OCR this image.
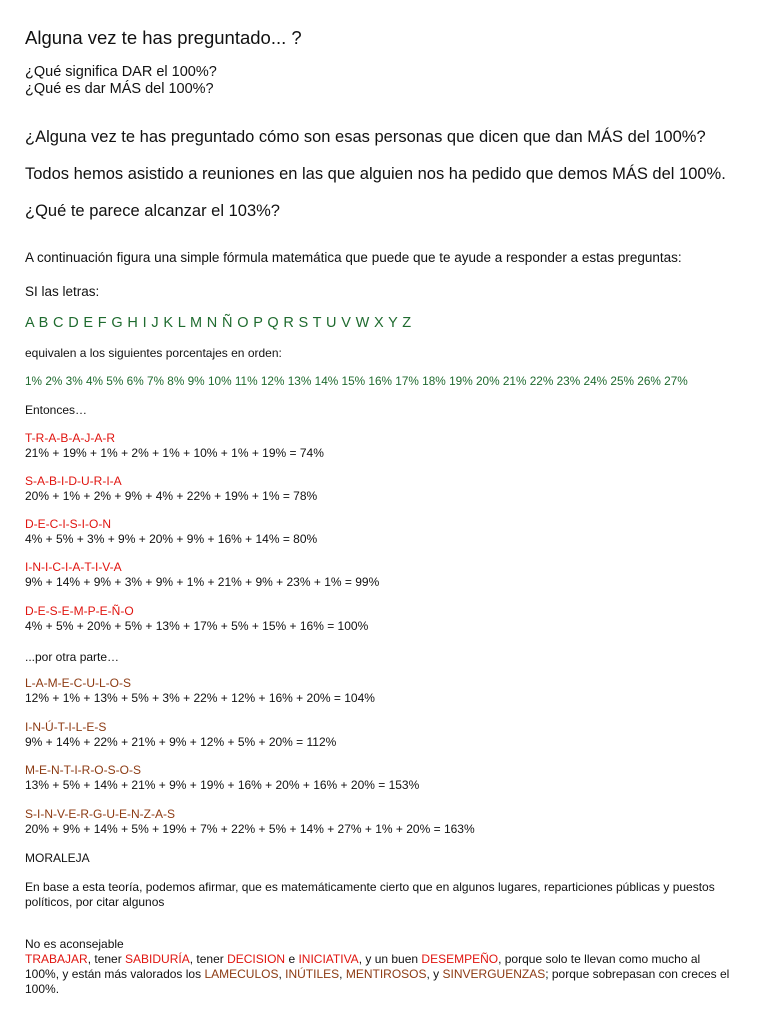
Alguna vez te has preguntado... ?
¿Qué significa DAR el 100%?
¿Qué es dar MÁS del 100%?
¿Alguna vez te has preguntado cómo son esas personas que dicen que dan MÁS del 100%?
Todos hemos asistido a reuniones en las que alguien nos ha pedido que demos MÁS del 100%.
¿Qué te parece alcanzar el 103%?
A continuación figura una simple fórmula matemática que puede que te ayude a responder a estas preguntas:
SI las letras:
A B C D E F G H I J K L M N Ñ O P Q R S T U V W X Y Z
equivalen a los siguientes porcentajes en orden:
1% 2% 3% 4% 5% 6% 7% 8% 9% 10% 11% 12% 13% 14% 15% 16% 17% 18% 19% 20% 21% 22% 23% 24% 25% 26% 27%
Entonces…
T-R-A-B-A-J-A-R
21% + 19% + 1% + 2% + 1% + 10% + 1% + 19% = 74%
S-A-B-I-D-U-R-I-A
20% + 1% + 2% + 9% + 4% + 22% + 19% + 1% = 78%
D-E-C-I-S-I-O-N
4% + 5% + 3% + 9% + 20% + 9% + 16% + 14% = 80%
I-N-I-C-I-A-T-I-V-A
9% + 14% + 9% + 3% + 9% + 1% + 21% + 9% + 23% + 1% = 99%
D-E-S-E-M-P-E-Ñ-O
4% + 5% + 20% + 5% + 13% + 17% + 5% + 15% + 16% = 100%
...por otra parte…
L-A-M-E-C-U-L-O-S
12% + 1% + 13% + 5% + 3% + 22% + 12% + 16% + 20% = 104%
I-N-Ú-T-I-L-E-S
9% + 14% + 22% + 21% + 9% + 12% + 5% + 20% = 112%
M-E-N-T-I-R-O-S-O-S
13% + 5% + 14% + 21% + 9% + 19% + 16% + 20% + 16% + 20% = 153%
S-I-N-V-E-R-G-U-E-N-Z-A-S
20% + 9% + 14% + 5% + 19% + 7% + 22% + 5% + 14% + 27% + 1% + 20% = 163%
MORALEJA
En base a esta teoría, podemos afirmar, que es matemáticamente cierto que en algunos lugares, reparticiones públicas y puestos políticos, por citar algunos
No es aconsejable
TRABAJAR, tener SABIDURÍA, tener DECISION e INICIATIVA, y un buen DESEMPEÑO, porque solo te llevan como mucho al 100%, y están más valorados los LAMECULOS, INÚTILES, MENTIROSOS, y SINVERGUENZAS; porque sobrepasan con creces el 100%.
